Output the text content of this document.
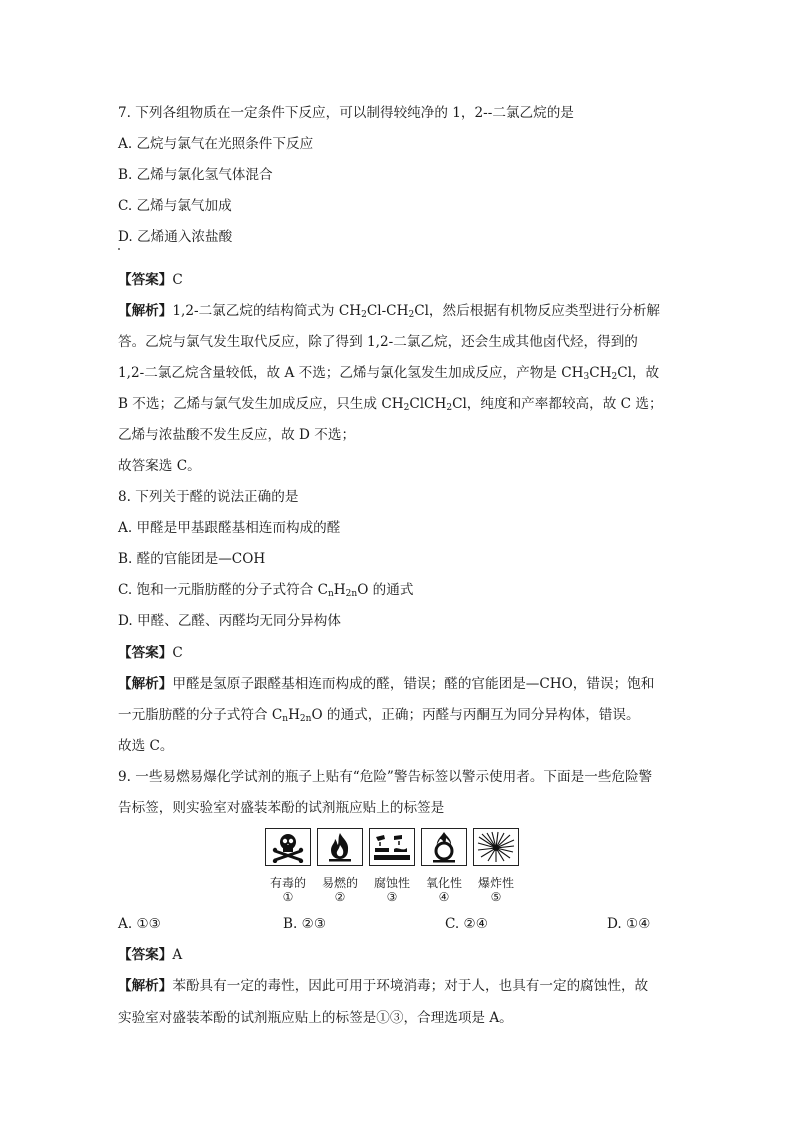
7. 下列各组物质在一定条件下反应，可以制得较纯净的 1，2--二氯乙烷的是
A. 乙烷与氯气在光照条件下反应
B. 乙烯与氯化氢气体混合
C. 乙烯与氯气加成
D. 乙烯通入浓盐酸
【答案】C
【解析】1,2-二氯乙烷的结构简式为 $CH_2Cl-CH_2Cl$，然后根据有机物反应类型进行分析解
答。乙烷与氯气发生取代反应，除了得到 1,2-二氯乙烷，还会生成其他卤代烃，得到的
1,2-二氯乙烷含量较低，故 A 不选；乙烯与氯化氢发生加成反应，产物是 $CH_3CH_2Cl$，故
B 不选；乙烯与氯气发生加成反应，只生成 $CH_2ClCH_2Cl$，纯度和产率都较高，故 C 选；
乙烯与浓盐酸不发生反应，故 D 不选；
故答案选 C。
8. 下列关于醛的说法正确的是
A. 甲醛是甲基跟醛基相连而构成的醛
B. 醛的官能团是—COH
C. 饱和一元脂肪醛的分子式符合 $C_nH_{2n}O$ 的通式
D. 甲醛、乙醛、丙醛均无同分异构体
【答案】C
【解析】甲醛是氢原子跟醛基相连而构成的醛，错误；醛的官能团是—CHO，错误；饱和
一元脂肪醛的分子式符合 $C_nH_{2n}O$ 的通式，正确；丙醛与丙酮互为同分异构体，错误。
故选 C。
9. 一些易燃易爆化学试剂的瓶子上贴有“危险”警告标签以警示使用者。下面是一些危险警
告标签，则实验室对盛装苯酚的试剂瓶应贴上的标签是
有毒的
①
易燃的
②
腐蚀性
③
氧化性
④
爆炸性
⑤
A. ①③	B. ②③	C. ②④	D. ①④
【答案】A
【解析】苯酚具有一定的毒性，因此可用于环境消毒；对于人，也具有一定的腐蚀性，故
实验室对盛装苯酚的试剂瓶应贴上的标签是①③，合理选项是 A。
